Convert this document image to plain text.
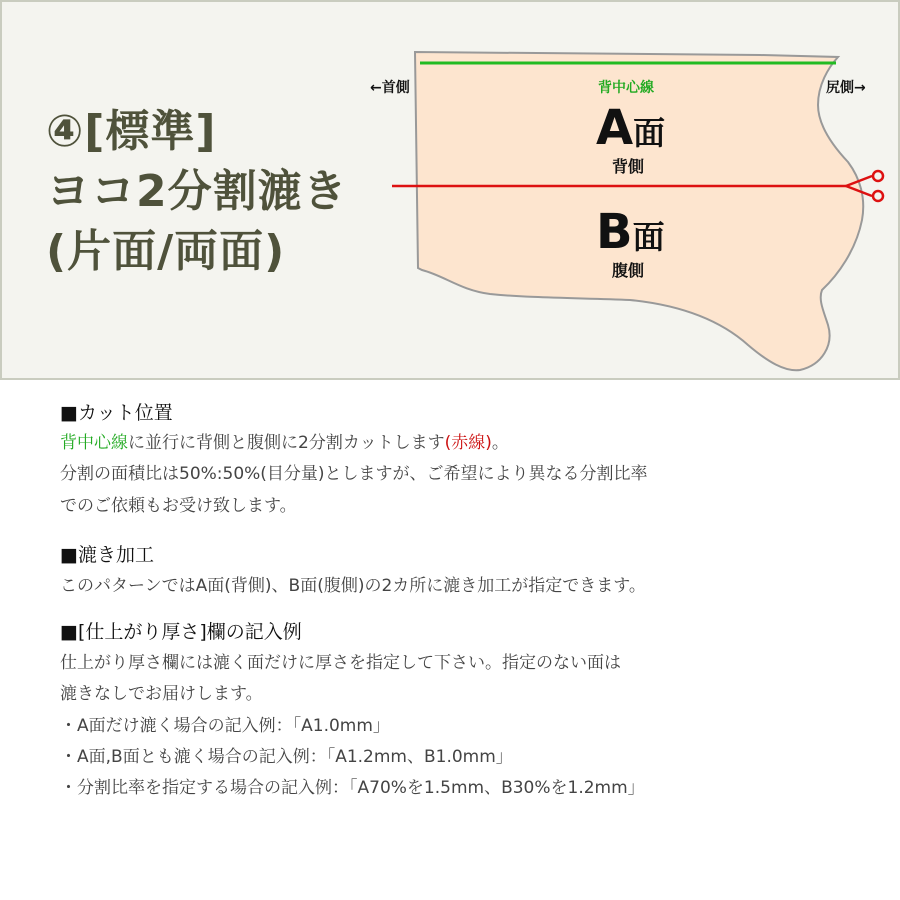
④[標準]
ヨコ2分割漉き
(片面/両面)
←首側	尻側→
背中心線
A面
背側
B面
腹側
■カット位置
背中心線に並行に背側と腹側に2分割カットします(赤線)。
分割の面積比は50%:50%(目分量)としますが、ご希望により異なる分割比率
でのご依頼もお受け致します。
■漉き加工
このパターンではA面(背側)、B面(腹側)の2カ所に漉き加工が指定できます。
■[仕上がり厚さ]欄の記入例
仕上がり厚さ欄には漉く面だけに厚さを指定して下さい。指定のない面は
漉きなしでお届けします。
・A面だけ漉く場合の記入例：「A1.0mm」
・A面,B面とも漉く場合の記入例：「A1.2mm、B1.0mm」
・分割比率を指定する場合の記入例：「A70%を1.5mm、B30%を1.2mm」
